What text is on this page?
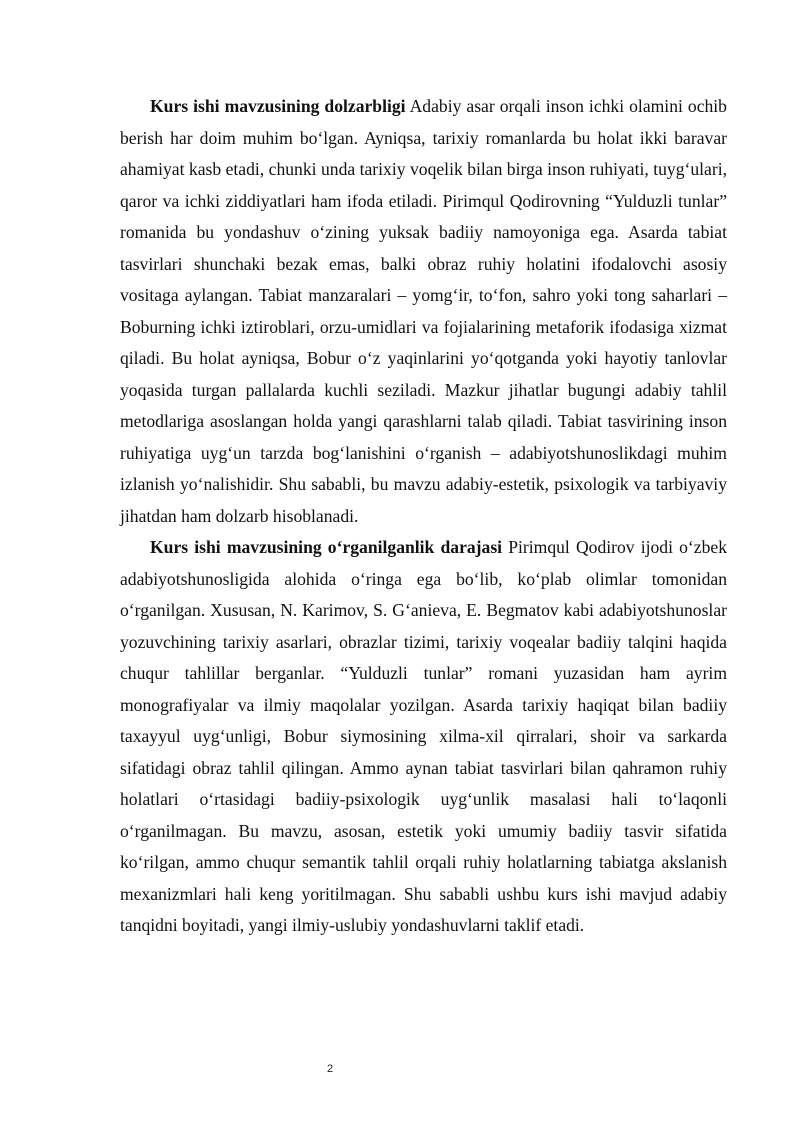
Kurs ishi mavzusining dolzarbligi Adabiy asar orqali inson ichki olamini ochib berish har doim muhim bo‘lgan. Ayniqsa, tarixiy romanlarda bu holat ikki baravar ahamiyat kasb etadi, chunki unda tarixiy voqelik bilan birga inson ruhiyati, tuyg‘ulari, qaror va ichki ziddiyatlari ham ifoda etiladi. Pirimqul Qodirovning “Yulduzli tunlar” romanida bu yondashuv o‘zining yuksak badiiy namoyoniga ega. Asarda tabiat tasvirlari shunchaki bezak emas, balki obraz ruhiy holatini ifodalovchi asosiy vositaga aylangan. Tabiat manzaralari – yomg‘ir, to‘fon, sahro yoki tong saharlari – Boburning ichki iztiroblari, orzu-umidlari va fojialarining metaforik ifodasiga xizmat qiladi. Bu holat ayniqsa, Bobur o‘z yaqinlarini yo‘qotganda yoki hayotiy tanlovlar yoqasida turgan pallalarda kuchli seziladi. Mazkur jihatlar bugungi adabiy tahlil metodlariga asoslangan holda yangi qarashlarni talab qiladi. Tabiat tasvirining inson ruhiyatiga uyg‘un tarzda bog‘lanishini o‘rganish – adabiyotshunoslikdagi muhim izlanish yo‘nalishidir. Shu sababli, bu mavzu adabiy-estetik, psixologik va tarbiyaviy jihatdan ham dolzarb hisoblanadi.

Kurs ishi mavzusining o‘rganilganlik darajasi Pirimqul Qodirov ijodi o‘zbek adabiyotshunosligida alohida o‘ringa ega bo‘lib, ko‘plab olimlar tomonidan o‘rganilgan. Xususan, N. Karimov, S. G‘anieva, E. Begmatov kabi adabiyotshunoslar yozuvchining tarixiy asarlari, obrazlar tizimi, tarixiy voqealar badiiy talqini haqida chuqur tahlillar berganlar. “Yulduzli tunlar” romani yuzasidan ham ayrim monografiyalar va ilmiy maqolalar yozilgan. Asarda tarixiy haqiqat bilan badiiy taxayyul uyg‘unligi, Bobur siymosining xilma-xil qirralari, shoir va sarkarda sifatidagi obraz tahlil qilingan. Ammo aynan tabiat tasvirlari bilan qahramon ruhiy holatlari o‘rtasidagi badiiy-psixologik uyg‘unlik masalasi hali to‘laqonli o‘rganilmagan. Bu mavzu, asosan, estetik yoki umumiy badiiy tasvir sifatida ko‘rilgan, ammo chuqur semantik tahlil orqali ruhiy holatlarning tabiatga akslanish mexanizmlari hali keng yoritilmagan. Shu sababli ushbu kurs ishi mavjud adabiy tanqidni boyitadi, yangi ilmiy-uslubiy yondashuvlarni taklif etadi.

2
